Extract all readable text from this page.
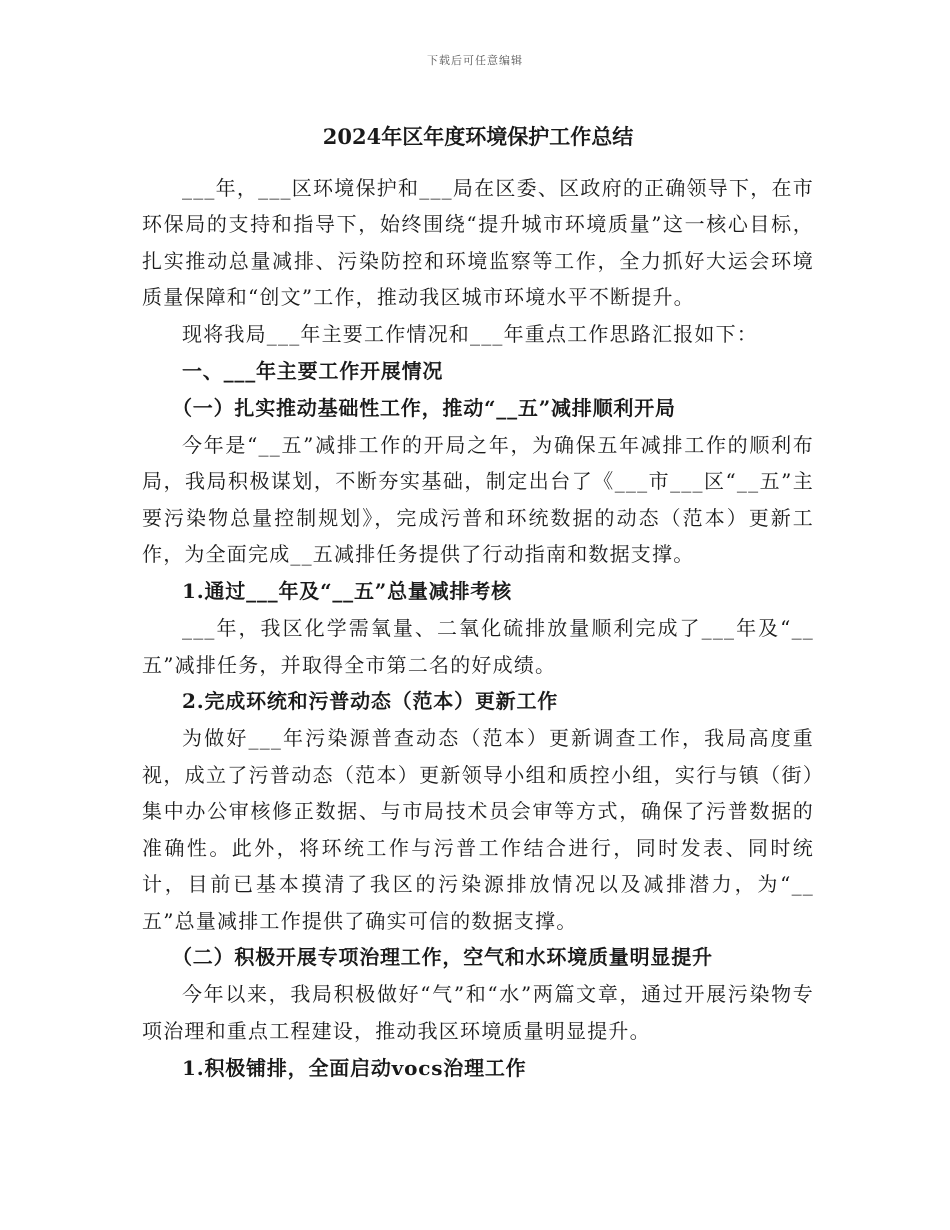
下载后可任意编辑
2024年区年度环境保护工作总结

___年，___区环境保护和___局在区委、区政府的正确领导下，在市环保局的支持和指导下，始终围绕“提升城市环境质量”这一核心目标，扎实推动总量减排、污染防控和环境监察等工作，全力抓好大运会环境质量保障和“创文”工作，推动我区城市环境水平不断提升。

现将我局___年主要工作情况和___年重点工作思路汇报如下：

一、___年主要工作开展情况

（一）扎实推动基础性工作，推动“__五”减排顺利开局

今年是“__五”减排工作的开局之年，为确保五年减排工作的顺利布局，我局积极谋划，不断夯实基础，制定出台了《___市___区“__五”主要污染物总量控制规划》，完成污普和环统数据的动态（范本）更新工作，为全面完成__五减排任务提供了行动指南和数据支撑。

1.通过___年及“__五”总量减排考核

___年，我区化学需氧量、二氧化硫排放量顺利完成了___年及“__五”减排任务，并取得全市第二名的好成绩。

2.完成环统和污普动态（范本）更新工作

为做好___年污染源普查动态（范本）更新调查工作，我局高度重视，成立了污普动态（范本）更新领导小组和质控小组，实行与镇（街）集中办公审核修正数据、与市局技术员会审等方式，确保了污普数据的准确性。此外，将环统工作与污普工作结合进行，同时发表、同时统计，目前已基本摸清了我区的污染源排放情况以及减排潜力，为“__五”总量减排工作提供了确实可信的数据支撑。

（二）积极开展专项治理工作，空气和水环境质量明显提升

今年以来，我局积极做好“气”和“水”两篇文章，通过开展污染物专项治理和重点工程建设，推动我区环境质量明显提升。

1.积极铺排，全面启动vocs治理工作
